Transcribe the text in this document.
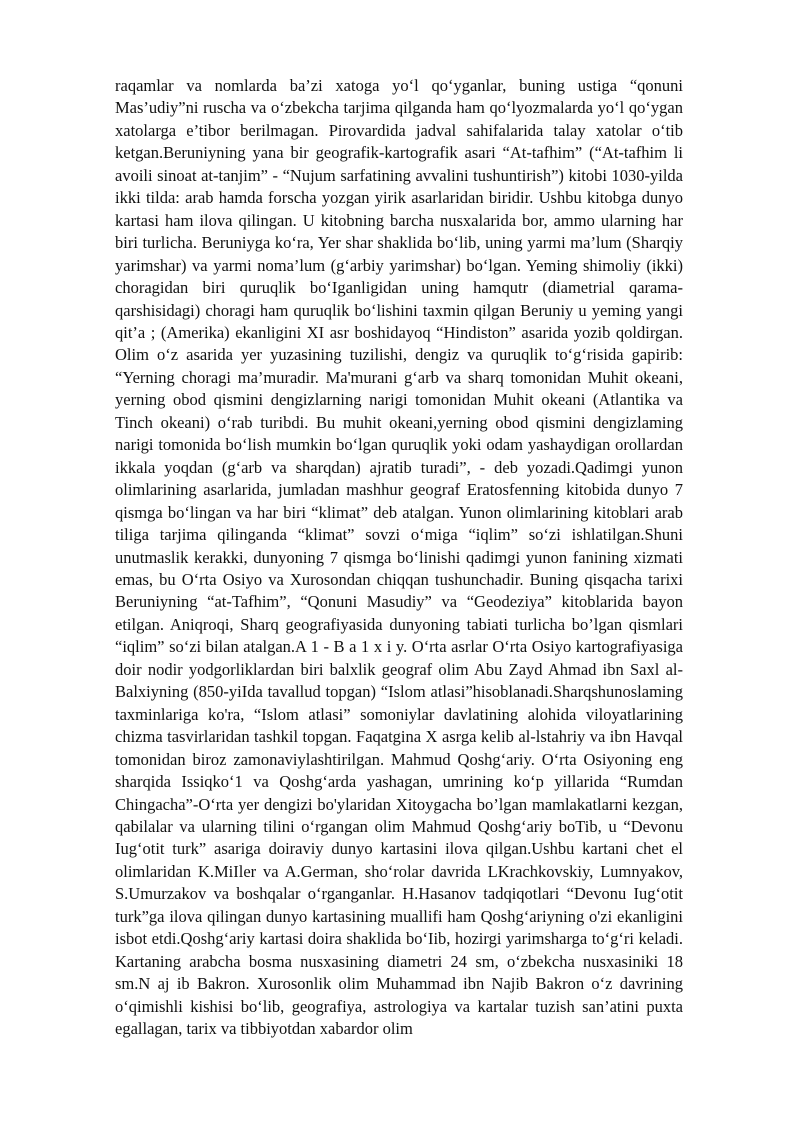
raqamlar va nomlarda ba’zi xatoga yo‘l qo‘yganlar, buning ustiga “qonuni Mas’udiy”ni ruscha va o‘zbekcha tarjima qilganda ham qo‘lyozmalarda yo‘l qo‘ygan xatolarga e’tibor berilmagan. Pirovardida jadval sahifalarida talay xatolar o‘tib ketgan.Beruniyning yana bir geografik-kartografik asari “At-tafhim” (“At-tafhim li avoili sinoat at-tanjim” - “Nujum sarfatining avvalini tushuntirish”) kitobi 1030-yilda ikki tilda: arab hamda forscha yozgan yirik asarlaridan biridir. Ushbu kitobga dunyo kartasi ham ilova qilingan. U kitobning barcha nusxalarida bor, ammo ularning har biri turlicha. Beruniyga ko‘ra, Yer shar shaklida bo‘lib, uning yarmi ma’lum (Sharqiy yarimshar) va yarmi noma’lum (g‘arbiy yarimshar) bo‘lgan. Yeming shimoliy (ikki) choragidan biri quruqlik bo‘Iganligidan uning hamqutr (diametrial qarama-qarshisidagi) choragi ham quruqlik bo‘lishini taxmin qilgan Beruniy u yeming yangi qit’a ; (Amerika) ekanligini XI asr boshidayoq “Hindiston” asarida yozib qoldirgan. Olim o‘z asarida yer yuzasining tuzilishi, dengiz va quruqlik to‘g‘risida gapirib: “Yerning choragi ma’muradir. Ma'murani g‘arb va sharq tomonidan Muhit okeani, yerning obod qismini dengizlarning narigi tomonidan Muhit okeani (Atlantika va Tinch okeani) o‘rab turibdi. Bu muhit okeani,yerning obod qismini dengizlaming narigi tomonida bo‘lish mumkin bo‘lgan quruqlik yoki odam yashaydigan orollardan ikkala yoqdan (g‘arb va sharqdan) ajratib turadi”, - deb yozadi.Qadimgi yunon olimlarining asarlarida, jumladan mashhur geograf Eratosfenning kitobida dunyo 7 qismga bo‘lingan va har biri “klimat” deb atalgan. Yunon olimlarining kitoblari arab tiliga tarjima qilinganda “klimat” sovzi o‘miga “iqlim” so‘zi ishlatilgan.Shuni unutmaslik kerakki, dunyoning 7 qismga bo‘linishi qadimgi yunon fanining xizmati emas, bu O‘rta Osiyo va Xurosondan chiqqan tushunchadir. Buning qisqacha tarixi Beruniyning “at-Tafhim”, “Qonuni Masudiy” va “Geodeziya” kitoblarida bayon etilgan. Aniqroqi, Sharq geografiyasida dunyoning tabiati turlicha bo’lgan qismlari “iqlim” so‘zi bilan atalgan.A 1 - B a 1 x i y. O‘rta asrlar O‘rta Osiyo kartografiyasiga doir nodir yodgorliklardan biri balxlik geograf olim Abu Zayd Ahmad ibn Saxl al-Balxiyning (850-yiIda tavallud topgan) “Islom atlasi”hisoblanadi.Sharqshunoslaming taxminlariga ko'ra, “Islom atlasi” somoniylar davlatining alohida viloyatlarining chizma tasvirlaridan tashkil topgan. Faqatgina X asrga kelib al-lstahriy va ibn Havqal tomonidan biroz zamonaviylashtirilgan. Mahmud Qoshg‘ariy. O‘rta Osiyoning eng sharqida Issiqko‘1 va Qoshg‘arda yashagan, umrining ko‘p yillarida “Rumdan Chingacha”-O‘rta yer dengizi bo'ylaridan Xitoygacha bo’lgan mamlakatlarni kezgan, qabilalar va ularning tilini o‘rgangan olim Mahmud Qoshg‘ariy boTib, u “Devonu Iug‘otit turk” asariga doiraviy dunyo kartasini ilova qilgan.Ushbu kartani chet el olimlaridan K.MiIler va A.German, sho‘rolar davrida LKrachkovskiy, Lumnyakov, S.Umurzakov va boshqalar o‘rganganlar. H.Hasanov tadqiqotlari “Devonu Iug‘otit turk”ga ilova qilingan dunyo kartasining muallifi ham Qoshg‘ariyning o'zi ekanligini isbot etdi.Qoshg‘ariy kartasi doira shaklida bo‘Iib, hozirgi yarimsharga to‘g‘ri keladi. Kartaning arabcha bosma nusxasining diametri 24 sm, o‘zbekcha nusxasiniki 18 sm.N aj ib Bakron. Xurosonlik olim Muhammad ibn Najib Bakron o‘z davrining o‘qimishli kishisi bo‘lib, geografiya, astrologiya va kartalar tuzish san’atini puxta egallagan, tarix va tibbiyotdan xabardor olim
